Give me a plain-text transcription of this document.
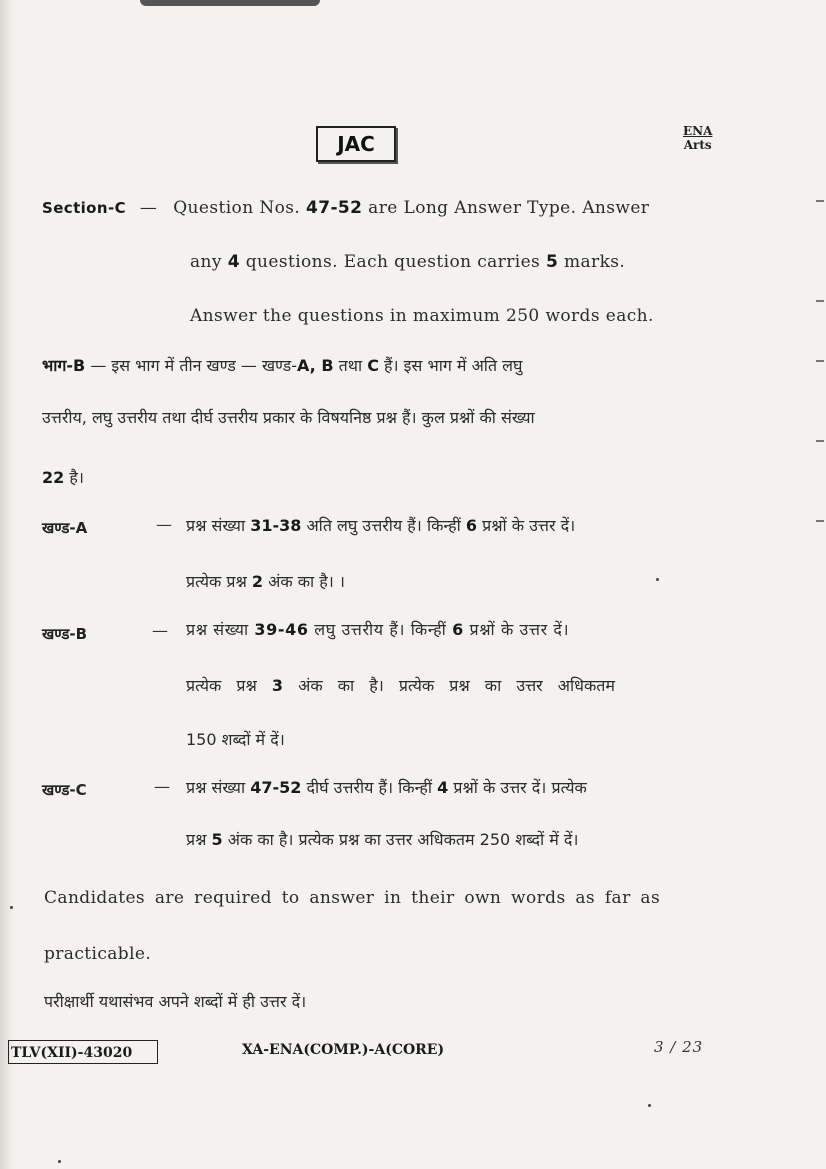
JAC
ENA
Arts
Section-C — Question Nos. 47-52 are Long Answer Type. Answer
any 4 questions. Each question carries 5 marks.
Answer the questions in maximum 250 words each.
भाग-B — इस भाग में तीन खण्ड — खण्ड-A, B तथा C हैं। इस भाग में अति लघु
उत्तरीय, लघु उत्तरीय तथा दीर्घ उत्तरीय प्रकार के विषयनिष्ठ प्रश्न हैं। कुल प्रश्नों की संख्या
22 है।
खण्ड-A	— प्रश्न संख्या 31-38 अति लघु उत्तरीय हैं। किन्हीं 6 प्रश्नों के उत्तर दें।
प्रत्येक प्रश्न 2 अंक का है। ।
खण्ड-B	— प्रश्न संख्या 39-46 लघु उत्तरीय हैं। किन्हीं 6 प्रश्नों के उत्तर दें।
प्रत्येक प्रश्न 3 अंक का है। प्रत्येक प्रश्न का उत्तर अधिकतम
150 शब्दों में दें।
खण्ड-C	— प्रश्न संख्या 47-52 दीर्घ उत्तरीय हैं। किन्हीं 4 प्रश्नों के उत्तर दें। प्रत्येक
प्रश्न 5 अंक का है। प्रत्येक प्रश्न का उत्तर अधिकतम 250 शब्दों में दें।
Candidates are required to answer in their own words as far as
practicable.
परीक्षार्थी यथासंभव अपने शब्दों में ही उत्तर दें।
TLV(XII)-43020	XA-ENA(COMP.)-A(CORE)	3 / 23
